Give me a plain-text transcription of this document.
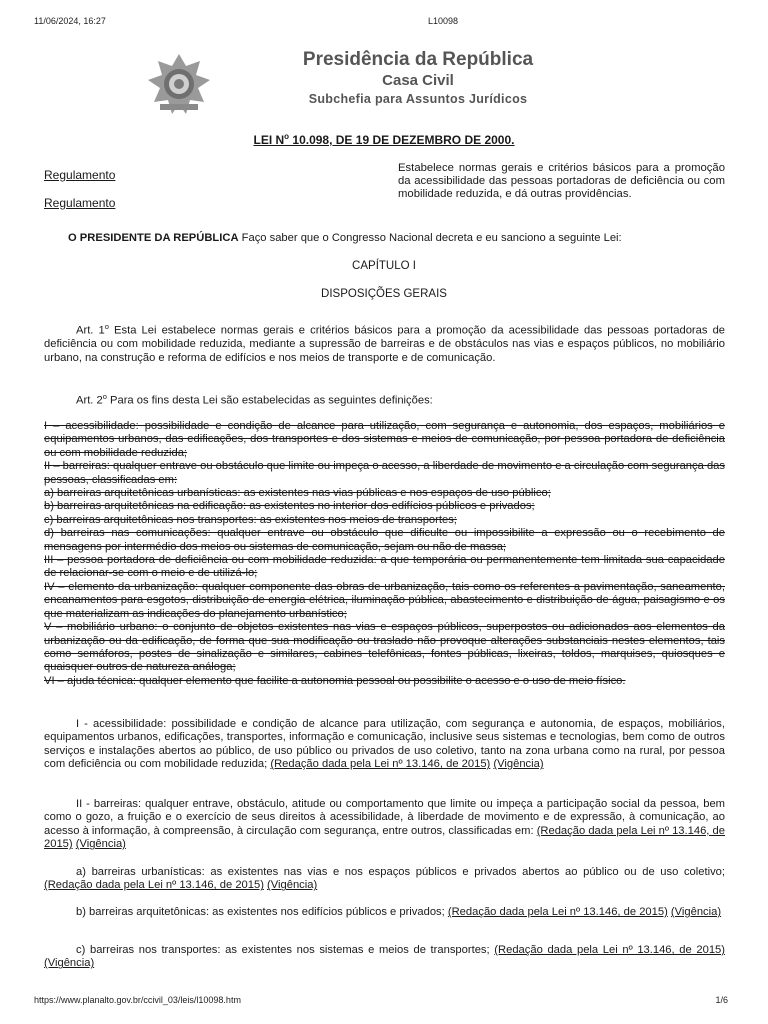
11/06/2024, 16:27	L10098
Presidência da República
Casa Civil
Subchefia para Assuntos Jurídicos
LEI $N^o$ 10.098, DE 19 DE DEZEMBRO DE 2000.
Regulamento
Regulamento
Estabelece normas gerais e critérios básicos para a promoção da acessibilidade das pessoas portadoras de deficiência ou com mobilidade reduzida, e dá outras providências.
O PRESIDENTE DA REPÚBLICA Faço saber que o Congresso Nacional decreta e eu sanciono a seguinte Lei:
CAPÍTULO I
DISPOSIÇÕES GERAIS
Art. 1$^o$ Esta Lei estabelece normas gerais e critérios básicos para a promoção da acessibilidade das pessoas portadoras de deficiência ou com mobilidade reduzida, mediante a supressão de barreiras e de obstáculos nas vias e espaços públicos, no mobiliário urbano, na construção e reforma de edifícios e nos meios de transporte e de comunicação.
Art. 2$^o$ Para os fins desta Lei são estabelecidas as seguintes definições:
I – acessibilidade: possibilidade e condição de alcance para utilização, com segurança e autonomia, dos espaços, mobiliários e equipamentos urbanos, das edificações, dos transportes e dos sistemas e meios de comunicação, por pessoa portadora de deficiência ou com mobilidade reduzida;
II – barreiras: qualquer entrave ou obstáculo que limite ou impeça o acesso, a liberdade de movimento e a circulação com segurança das pessoas, classificadas em:
a) barreiras arquitetônicas urbanísticas: as existentes nas vias públicas e nos espaços de uso público;
b) barreiras arquitetônicas na edificação: as existentes no interior dos edifícios públicos e privados;
c) barreiras arquitetônicas nos transportes: as existentes nos meios de transportes;
d) barreiras nas comunicações: qualquer entrave ou obstáculo que dificulte ou impossibilite a expressão ou o recebimento de mensagens por intermédio dos meios ou sistemas de comunicação, sejam ou não de massa;
III – pessoa portadora de deficiência ou com mobilidade reduzida: a que temporária ou permanentemente tem limitada sua capacidade de relacionar-se com o meio e de utilizá-lo;
IV – elemento da urbanização: qualquer componente das obras de urbanização, tais como os referentes a pavimentação, saneamento, encanamentos para esgotos, distribuição de energia elétrica, iluminação pública, abastecimento e distribuição de água, paisagismo e os que materializam as indicações do planejamento urbanístico;
V – mobiliário urbano: o conjunto de objetos existentes nas vias e espaços públicos, superpostos ou adicionados aos elementos da urbanização ou da edificação, de forma que sua modificação ou traslado não provoque alterações substanciais nestes elementos, tais como semáforos, postes de sinalização e similares, cabines telefônicas, fontes públicas, lixeiras, toldos, marquises, quiosques e quaisquer outros de natureza análoga;
VI – ajuda técnica: qualquer elemento que facilite a autonomia pessoal ou possibilite o acesso e o uso de meio físico.
I - acessibilidade: possibilidade e condição de alcance para utilização, com segurança e autonomia, de espaços, mobiliários, equipamentos urbanos, edificações, transportes, informação e comunicação, inclusive seus sistemas e tecnologias, bem como de outros serviços e instalações abertos ao público, de uso público ou privados de uso coletivo, tanto na zona urbana como na rural, por pessoa com deficiência ou com mobilidade reduzida; (Redação dada pela Lei nº 13.146, de 2015) (Vigência)
II - barreiras: qualquer entrave, obstáculo, atitude ou comportamento que limite ou impeça a participação social da pessoa, bem como o gozo, a fruição e o exercício de seus direitos à acessibilidade, à liberdade de movimento e de expressão, à comunicação, ao acesso à informação, à compreensão, à circulação com segurança, entre outros, classificadas em: (Redação dada pela Lei nº 13.146, de 2015) (Vigência)
a) barreiras urbanísticas: as existentes nas vias e nos espaços públicos e privados abertos ao público ou de uso coletivo; (Redação dada pela Lei nº 13.146, de 2015) (Vigência)
b) barreiras arquitetônicas: as existentes nos edifícios públicos e privados; (Redação dada pela Lei nº 13.146, de 2015) (Vigência)
c) barreiras nos transportes: as existentes nos sistemas e meios de transportes; (Redação dada pela Lei nº 13.146, de 2015) (Vigência)
https://www.planalto.gov.br/ccivil_03/leis/l10098.htm	1/6
